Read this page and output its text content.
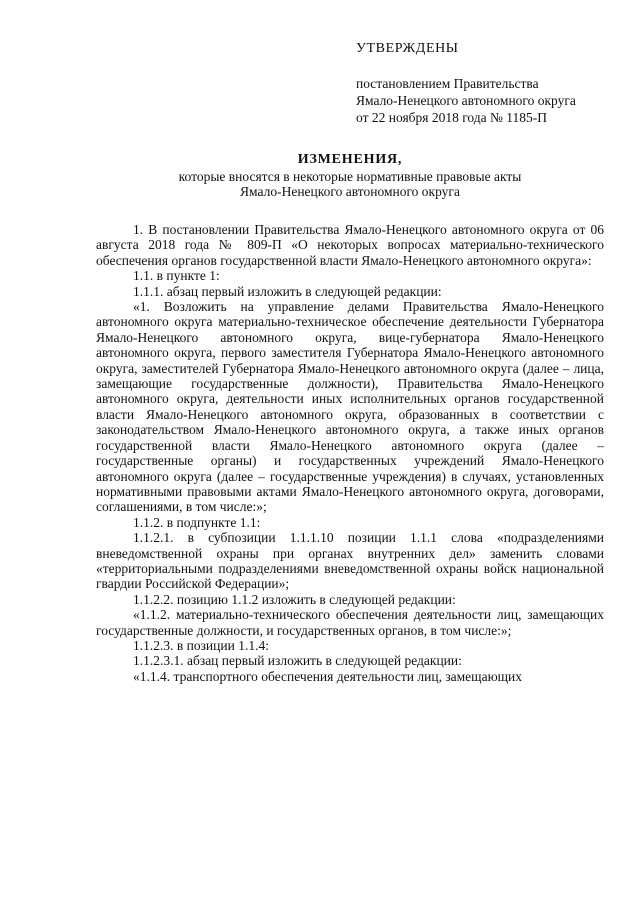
УТВЕРЖДЕНЫ
постановлением Правительства
Ямало-Ненецкого автономного округа
от 22 ноября 2018 года № 1185-П
ИЗМЕНЕНИЯ,
которые вносятся в некоторые нормативные правовые акты
Ямало-Ненецкого автономного округа

1. В постановлении Правительства Ямало-Ненецкого автономного округа от 06 августа 2018 года № 809-П «О некоторых вопросах материально-технического обеспечения органов государственной власти Ямало-Ненецкого автономного округа»:

1.1. в пункте 1:

1.1.1. абзац первый изложить в следующей редакции:

«1. Возложить на управление делами Правительства Ямало-Ненецкого автономного округа материально-техническое обеспечение деятельности Губернатора Ямало-Ненецкого автономного округа, вице-губернатора Ямало-Ненецкого автономного округа, первого заместителя Губернатора Ямало-Ненецкого автономного округа, заместителей Губернатора Ямало-Ненецкого автономного округа (далее – лица, замещающие государственные должности), Правительства Ямало-Ненецкого автономного округа, деятельности иных исполнительных органов государственной власти Ямало-Ненецкого автономного округа, образованных в соответствии с законодательством Ямало-Ненецкого автономного округа, а также иных органов государственной власти Ямало-Ненецкого автономного округа (далее – государственные органы) и государственных учреждений Ямало-Ненецкого автономного округа (далее – государственные учреждения) в случаях, установленных нормативными правовыми актами Ямало-Ненецкого автономного округа, договорами, соглашениями, в том числе:»;

1.1.2. в подпункте 1.1:

1.1.2.1. в субпозиции 1.1.1.10 позиции 1.1.1 слова «подразделениями вневедомственной охраны при органах внутренних дел» заменить словами «территориальными подразделениями вневедомственной охраны войск национальной гвардии Российской Федерации»;

1.1.2.2. позицию 1.1.2 изложить в следующей редакции:

«1.1.2. материально-технического обеспечения деятельности лиц, замещающих государственные должности, и государственных органов, в том числе:»;

1.1.2.3. в позиции 1.1.4:

1.1.2.3.1. абзац первый изложить в следующей редакции:

«1.1.4. транспортного обеспечения деятельности лиц, замещающих
